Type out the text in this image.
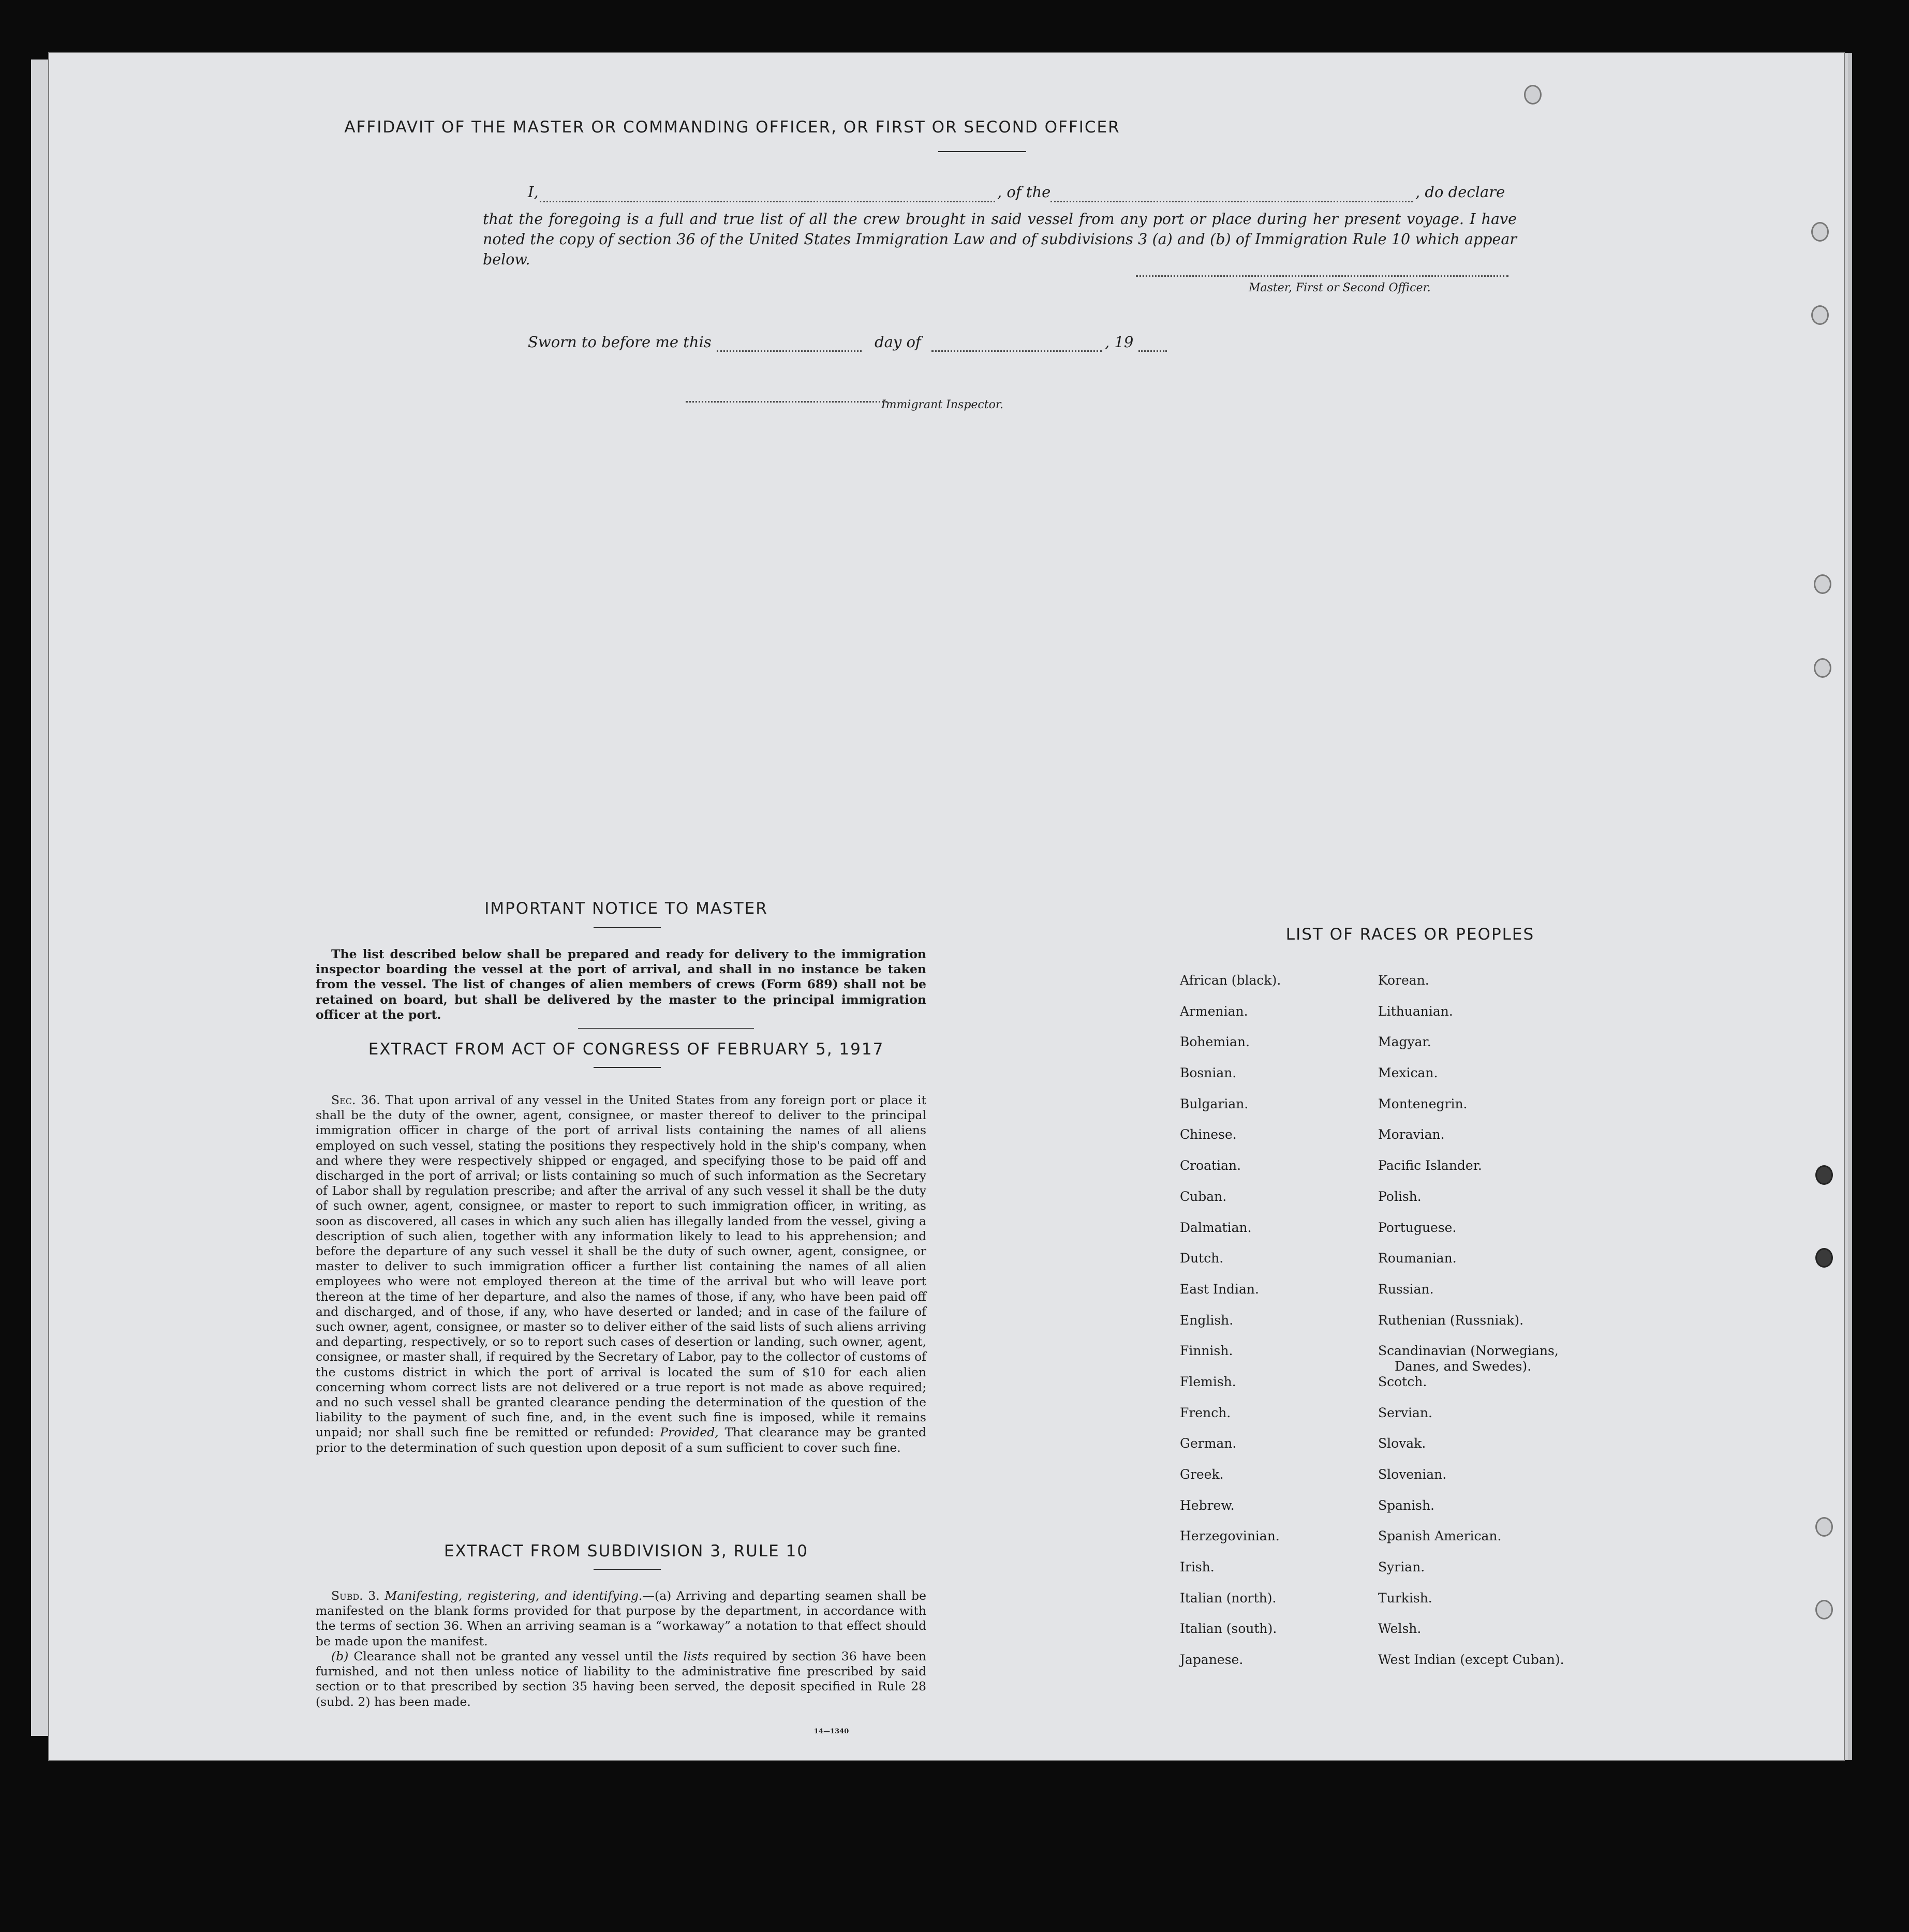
AFFIDAVIT OF THE MASTER OR COMMANDING OFFICER, OR FIRST OR SECOND OFFICER
I,	, of the	, do declare
that the foregoing is a full and true list of all the crew brought in said vessel from any port or place during her present voyage. I have noted the copy of section 36 of the United States Immigration Law and of subdivisions 3 (a) and (b) of Immigration Rule 10 which appear below.
Master, First or Second Officer.
Sworn to before me this	day of	, 19
Immigrant Inspector.
IMPORTANT NOTICE TO MASTER
The list described below shall be prepared and ready for delivery to the immigration inspector boarding the vessel at the port of arrival, and shall in no instance be taken from the vessel. The list of changes of alien members of crews (Form 689) shall not be retained on board, but shall be delivered by the master to the principal immigration officer at the port.
EXTRACT FROM ACT OF CONGRESS OF FEBRUARY 5, 1917
Sec. 36. That upon arrival of any vessel in the United States from any foreign port or place it shall be the duty of the owner, agent, consignee, or master thereof to deliver to the principal immigration officer in charge of the port of arrival lists containing the names of all aliens employed on such vessel, stating the positions they respectively hold in the ship's company, when and where they were respectively shipped or engaged, and specifying those to be paid off and discharged in the port of arrival; or lists containing so much of such information as the Secretary of Labor shall by regulation prescribe; and after the arrival of any such vessel it shall be the duty of such owner, agent, consignee, or master to report to such immigration officer, in writing, as soon as discovered, all cases in which any such alien has illegally landed from the vessel, giving a description of such alien, together with any information likely to lead to his apprehension; and before the departure of any such vessel it shall be the duty of such owner, agent, consignee, or master to deliver to such immigration officer a further list containing the names of all alien employees who were not employed thereon at the time of the arrival but who will leave port thereon at the time of her departure, and also the names of those, if any, who have been paid off and discharged, and of those, if any, who have deserted or landed; and in case of the failure of such owner, agent, consignee, or master so to deliver either of the said lists of such aliens arriving and departing, respectively, or so to report such cases of desertion or landing, such owner, agent, consignee, or master shall, if required by the Secretary of Labor, pay to the collector of customs of the customs district in which the port of arrival is located the sum of $10 for each alien concerning whom correct lists are not delivered or a true report is not made as above required; and no such vessel shall be granted clearance pending the determination of the question of the liability to the payment of such fine, and, in the event such fine is imposed, while it remains unpaid; nor shall such fine be remitted or refunded: Provided, That clearance may be granted prior to the determination of such question upon deposit of a sum sufficient to cover such fine.
EXTRACT FROM SUBDIVISION 3, RULE 10
Subd. 3. Manifesting, registering, and identifying.—(a) Arriving and departing seamen shall be manifested on the blank forms provided for that purpose by the department, in accordance with the terms of section 36. When an arriving seaman is a “workaway” a notation to that effect should be made upon the manifest.
(b) Clearance shall not be granted any vessel until the lists required by section 36 have been furnished, and not then unless notice of liability to the administrative fine prescribed by said section or to that prescribed by section 35 having been served, the deposit specified in Rule 28 (subd. 2) has been made.
14—1340
LIST OF RACES OR PEOPLES
African (black).
Armenian.
Bohemian.
Bosnian.
Bulgarian.
Chinese.
Croatian.
Cuban.
Dalmatian.
Dutch.
East Indian.
English.
Finnish.
Flemish.
French.
German.
Greek.
Hebrew.
Herzegovinian.
Irish.
Italian (north).
Italian (south).
Japanese.
Korean.
Lithuanian.
Magyar.
Mexican.
Montenegrin.
Moravian.
Pacific Islander.
Polish.
Portuguese.
Roumanian.
Russian.
Ruthenian (Russniak).
Scandinavian (Norwegians,
Danes, and Swedes).
Scotch.
Servian.
Slovak.
Slovenian.
Spanish.
Spanish American.
Syrian.
Turkish.
Welsh.
West Indian (except Cuban).
